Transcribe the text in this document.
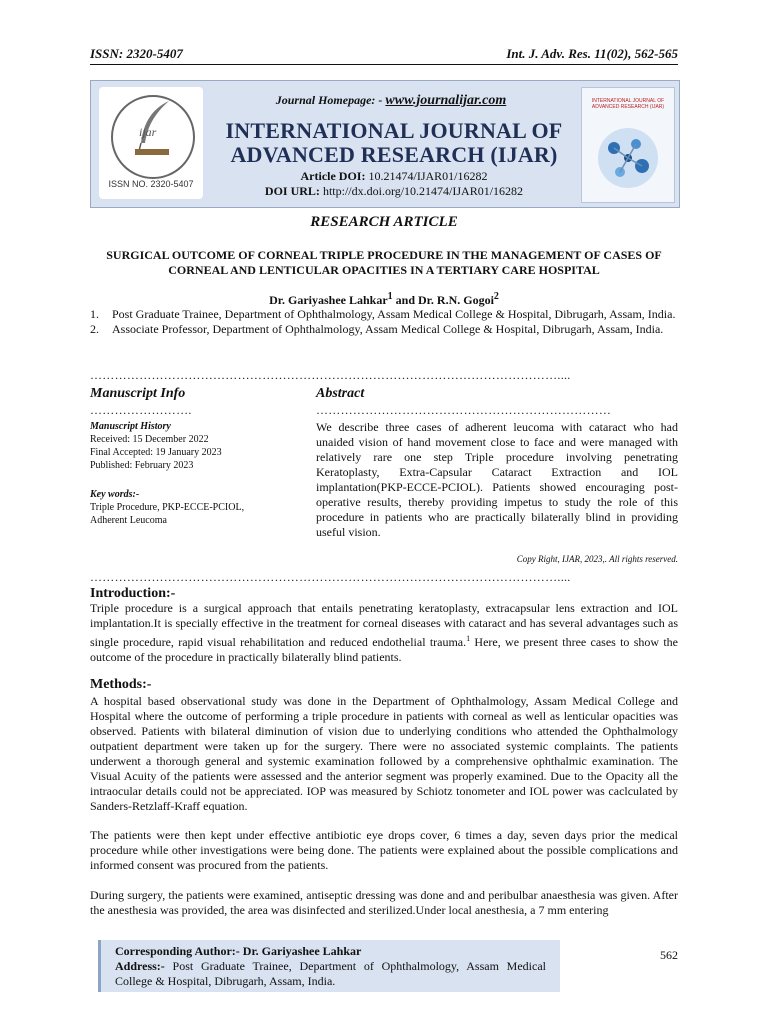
ISSN: 2320-5407	Int. J. Adv. Res. 11(02), 562-565
ijar
ISSN NO. 2320-5407
Journal Homepage: - www.journalijar.com
INTERNATIONAL JOURNAL OF
ADVANCED RESEARCH (IJAR)
Article DOI: 10.21474/IJAR01/16282
DOI URL: http://dx.doi.org/10.21474/IJAR01/16282
INTERNATIONAL JOURNAL OF ADVANCED RESEARCH (IJAR)
RESEARCH ARTICLE
SURGICAL OUTCOME OF CORNEAL TRIPLE PROCEDURE IN THE MANAGEMENT OF CASES OF CORNEAL AND LENTICULAR OPACITIES IN A TERTIARY CARE HOSPITAL
Dr. Gariyashee Lahkar$^1$ and Dr. R.N. Gogoi$^2$
1.	Post Graduate Trainee, Department of Ophthalmology, Assam Medical College & Hospital, Dibrugarh, Assam, India.
2.	Associate Professor, Department of Ophthalmology, Assam Medical College & Hospital, Dibrugarh, Assam, India.
……………………………………………………………………………………………………....
Manuscript Info	Abstract
…………………….	………………………………………………………………
Manuscript History
Received: 15 December 2022
Final Accepted: 19 January 2023
Published: February 2023
Key words:-
Triple Procedure, PKP-ECCE-PCIOL, Adherent Leucoma
We describe three cases of adherent leucoma with cataract who had unaided vision of hand movement close to face and were managed with relatively rare one step Triple procedure involving penetrating Keratoplasty, Extra-Capsular Cataract Extraction and IOL implantation(PKP-ECCE-PCIOL). Patients showed encouraging post-operative results, thereby providing impetus to study the role of this procedure in patients who are practically bilaterally blind in providing useful vision.
Copy Right, IJAR, 2023,. All rights reserved.
……………………………………………………………………………………………………....
Introduction:-
Triple procedure is a surgical approach that entails penetrating keratoplasty, extracapsular lens extraction and IOL implantation.It is specially effective in the treatment for corneal diseases with cataract and has several advantages such as single procedure, rapid visual rehabilitation and reduced endothelial trauma.$^1$ Here, we present three cases to show the outcome of the procedure in practically bilaterally blind patients.
Methods:-
A hospital based observational study was done in the Department of Ophthalmology, Assam Medical College and Hospital where the outcome of performing a triple procedure in patients with corneal as well as lenticular opacities was observed. Patients with bilateral diminution of vision due to underlying conditions who attended the Ophthalmology outpatient department were taken up for the surgery. There were no associated systemic complaints. The patients underwent a thorough general and systemic examination followed by a comprehensive ophthalmic examination. The Visual Acuity of the patients were assessed and the anterior segment was properly examined. Due to the Opacity all the intraocular details could not be appreciated. IOP was measured by Schiotz tonometer and IOL power was caclculated by Sanders-Retzlaff-Kraff equation.
The patients were then kept under effective antibiotic eye drops cover, 6 times a day, seven days prior the medical procedure while other investigations were being done. The patients were explained about the possible complications and informed consent was procured from the patients.
During surgery, the patients were examined, antiseptic dressing was done and and peribulbar anaesthesia was given. After the anesthesia was provided, the area was disinfected and sterilized.Under local anesthesia, a 7 mm entering
Corresponding Author:- Dr. Gariyashee Lahkar
Address:- Post Graduate Trainee, Department of Ophthalmology, Assam Medical College & Hospital, Dibrugarh, Assam, India.
562
